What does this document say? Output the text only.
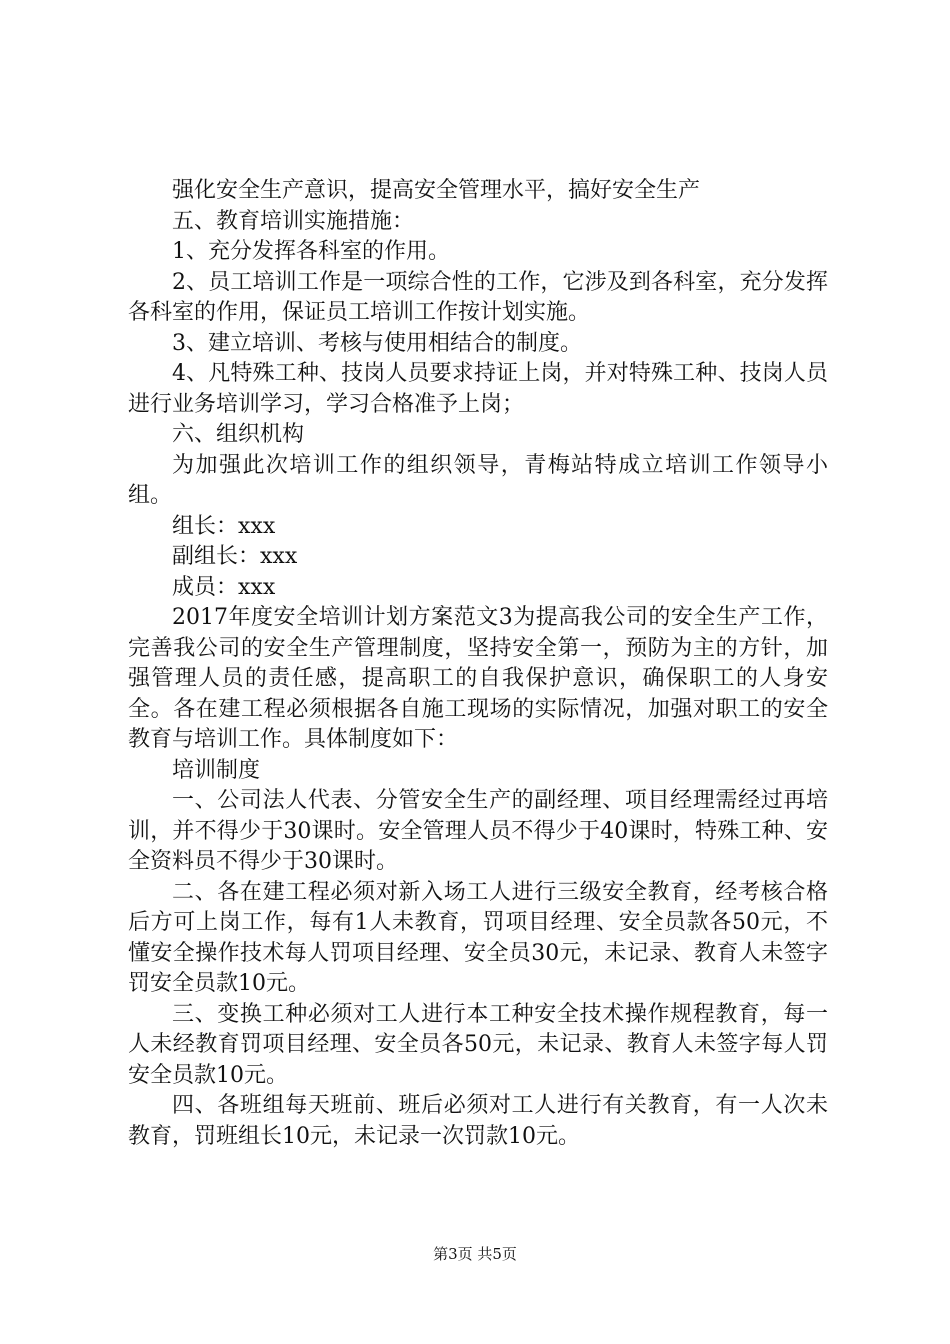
强化安全生产意识，提高安全管理水平，搞好安全生产

五、教育培训实施措施：

1、充分发挥各科室的作用。

2、员工培训工作是一项综合性的工作，它涉及到各科室，充分发挥各科室的作用，保证员工培训工作按计划实施。

3、建立培训、考核与使用相结合的制度。

4、凡特殊工种、技岗人员要求持证上岗，并对特殊工种、技岗人员进行业务培训学习，学习合格准予上岗；

六、组织机构

为加强此次培训工作的组织领导，青梅站特成立培训工作领导小组。

组长：xxx

副组长：xxx

成员：xxx

2017年度安全培训计划方案范文3为提高我公司的安全生产工作，完善我公司的安全生产管理制度，坚持安全第一，预防为主的方针，加强管理人员的责任感，提高职工的自我保护意识，确保职工的人身安全。各在建工程必须根据各自施工现场的实际情况，加强对职工的安全教育与培训工作。具体制度如下：

培训制度

一、公司法人代表、分管安全生产的副经理、项目经理需经过再培训，并不得少于30课时。安全管理人员不得少于40课时，特殊工种、安全资料员不得少于30课时。

二、各在建工程必须对新入场工人进行三级安全教育，经考核合格后方可上岗工作，每有1人未教育，罚项目经理、安全员款各50元，不懂安全操作技术每人罚项目经理、安全员30元，未记录、教育人未签字罚安全员款10元。

三、变换工种必须对工人进行本工种安全技术操作规程教育，每一人未经教育罚项目经理、安全员各50元，未记录、教育人未签字每人罚安全员款10元。

四、各班组每天班前、班后必须对工人进行有关教育，有一人次未教育，罚班组长10元，未记录一次罚款10元。

第3页 共5页
